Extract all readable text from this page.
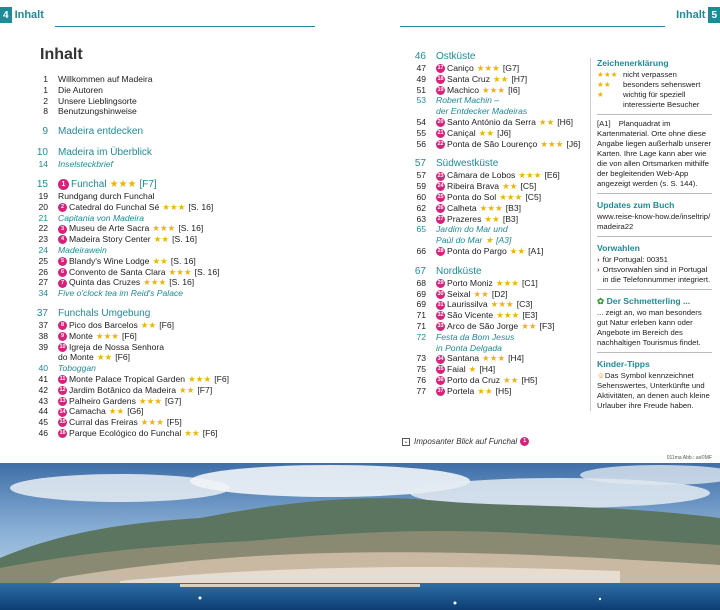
4 Inhalt	Inhalt 5
Inhalt
1	Willkommen auf Madeira
1	Die Autoren
2	Unsere Lieblingsorte
8	Benutzungshinweise
9	Madeira entdecken
10	Madeira im Überblick
14	Inselsteckbrief
15	1 Funchal ★★★ [F7]
19	Rundgang durch Funchal
20	2 Catedral do Funchal Sé ★★★ [S. 16]
21	Capitania von Madeira
22	3 Museu de Arte Sacra ★★★ [S. 16]
23	4 Madeira Story Center ★★ [S. 16]
24	Madeirawein
25	5 Blandy's Wine Lodge ★★ [S. 16]
26	6 Convento de Santa Clara ★★★ [S. 16]
27	7 Quinta das Cruzes ★★★ [S. 16]
34	Five o'clock tea im Reid's Palace
37	Funchals Umgebung
37	8 Pico dos Barcelos ★★ [F6]
38	9 Monte ★★★ [F6]
39	10 Igreja de Nossa Senhora
do Monte ★★ [F6]
40	Toboggan
41	11 Monte Palace Tropical Garden ★★★ [F6]
42	12 Jardim Botânico da Madeira ★★ [F7]
43	13 Palheiro Gardens ★★★ [G7]
44	14 Camacha ★★ [G6]
45	15 Curral das Freiras ★★★ [F5]
46	16 Parque Ecológico do Funchal ★★ [F6]
46	Ostküste
47	17 Caniço ★★★ [G7]
49	18 Santa Cruz ★★ [H7]
51	19 Machico ★★★ [I6]
53	Robert Machin –
der Entdecker Madeiras
54	20 Santo António da Serra ★★ [H6]
55	21 Caniçal ★★ [J6]
56	22 Ponta de São Lourenço ★★★ [J6]
57	Südwestküste
57	23 Câmara de Lobos ★★★ [E6]
59	24 Ribeira Brava ★★ [C5]
60	25 Ponta do Sol ★★★ [C5]
62	26 Calheta ★★★ [B3]
63	27 Prazeres ★★ [B3]
65	Jardim do Mar und
Paúl do Mar ★ [A3]
66	28 Ponta do Pargo ★★ [A1]
67	Nordküste
68	29 Porto Moniz ★★★ [C1]
69	30 Seixal ★★ [D2]
69	31 Laurissilva ★★★ [C3]
71	32 São Vicente ★★★ [E3]
71	33 Arco de São Jorge ★★ [F3]
72	Festa da Bom Jesus
in Ponta Delgada
73	34 Santana ★★★ [H4]
75	35 Faial ★ [H4]
76	36 Porto da Cruz ★★ [H5]
77	37 Portela ★★ [H5]
Zeichenerklärung
★★★ nicht verpassen
★★	besonders sehenswert
★	wichtig für speziell interessierte Besucher
[A1] Planquadrat im Kartenmaterial. Orte ohne diese Angabe liegen außerhalb unserer Karten. Ihre Lage kann aber wie die von allen Ortsmarken mithilfe der begleitenden Web-App angezeigt werden (s. S. 144).
Updates zum Buch
www.reise-know-how.de/inseltrip/madeira22
Vorwahlen
› für Portugal: 00351
› Ortsvorwahlen sind in Portugal in die Telefonnummer integriert.
✿ Der Schmetterling ...
... zeigt an, wo man besonders gut Natur erleben kann oder Angebote im Bereich des nachhaltigen Tourismus findet.
Kinder-Tipps
☺Das Symbol kennzeichnet Sehenswertes, Unterkünfte und Aktivitäten, an denen auch kleine Urlauber ihre Freude haben.
⌄ Imposanter Blick auf Funchal	1
011ma Abb.: as©MF
